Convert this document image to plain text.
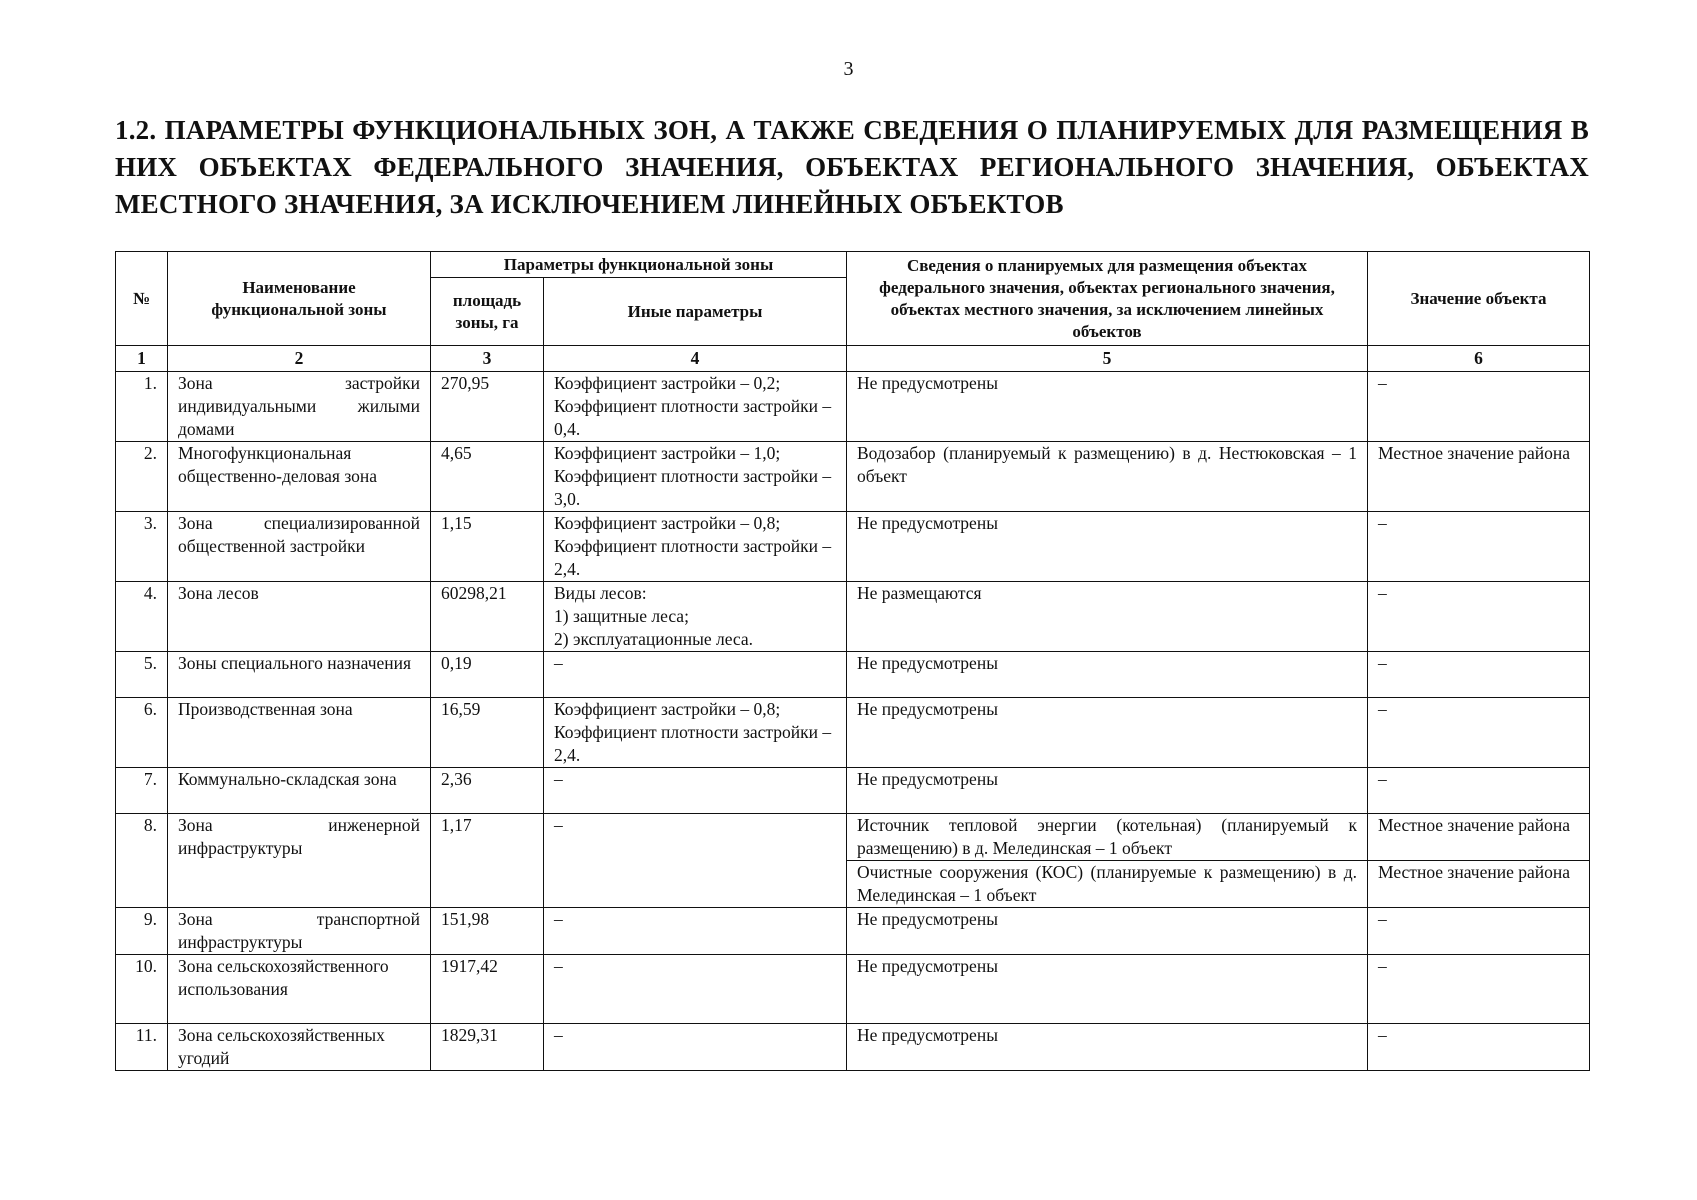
3
1.2. ПАРАМЕТРЫ ФУНКЦИОНАЛЬНЫХ ЗОН, А ТАКЖЕ СВЕДЕНИЯ О ПЛАНИРУЕМЫХ ДЛЯ РАЗМЕЩЕНИЯ В НИХ ОБЪЕКТАХ ФЕДЕРАЛЬНОГО ЗНАЧЕНИЯ, ОБЪЕКТАХ РЕГИОНАЛЬНОГО ЗНАЧЕНИЯ, ОБЪЕКТАХ МЕСТНОГО ЗНАЧЕНИЯ, ЗА ИСКЛЮЧЕНИЕМ ЛИНЕЙНЫХ ОБЪЕКТОВ
№	Наименование функциональной зоны	Параметры функциональной зоны		Сведения о планируемых для размещения объектах федерального значения, объектах регионального значения, объектах местного значения, за исключением линейных объектов	Значение объекта
		площадь зоны, га	Иные параметры		
1	2	3	4	5	6
1.	Зона застройки индивидуальными жилыми домами	270,95	Коэффициент застройки – 0,2; Коэффициент плотности застройки – 0,4.	Не предусмотрены	–
2.	Многофункциональная общественно-деловая зона	4,65	Коэффициент застройки – 1,0; Коэффициент плотности застройки – 3,0.	Водозабор (планируемый к размещению) в д. Нестюковская – 1 объект	Местное значение района
3.	Зона специализированной общественной застройки	1,15	Коэффициент застройки – 0,8; Коэффициент плотности застройки – 2,4.	Не предусмотрены	–
4.	Зона лесов	60298,21	Виды лесов:
1) защитные леса;
2) эксплуатационные леса.	Не размещаются	–
5.	Зоны специального назначения	0,19	–	Не предусмотрены	–
6.	Производственная зона	16,59	Коэффициент застройки – 0,8; Коэффициент плотности застройки – 2,4.	Не предусмотрены	–
7.	Коммунально-складская зона	2,36	–	Не предусмотрены	–
8.	Зона инженерной инфраструктуры	1,17	–	Источник тепловой энергии (котельная) (планируемый к размещению) в д. Мелединская – 1 объект	Местное значение района
				Очистные сооружения (КОС) (планируемые к размещению) в д. Мелединская – 1 объект	Местное значение района
9.	Зона транспортной инфраструктуры	151,98	–	Не предусмотрены	–
10.	Зона сельскохозяйственного использования	1917,42	–	Не предусмотрены	–
11.	Зона сельскохозяйственных угодий	1829,31	–	Не предусмотрены	–
